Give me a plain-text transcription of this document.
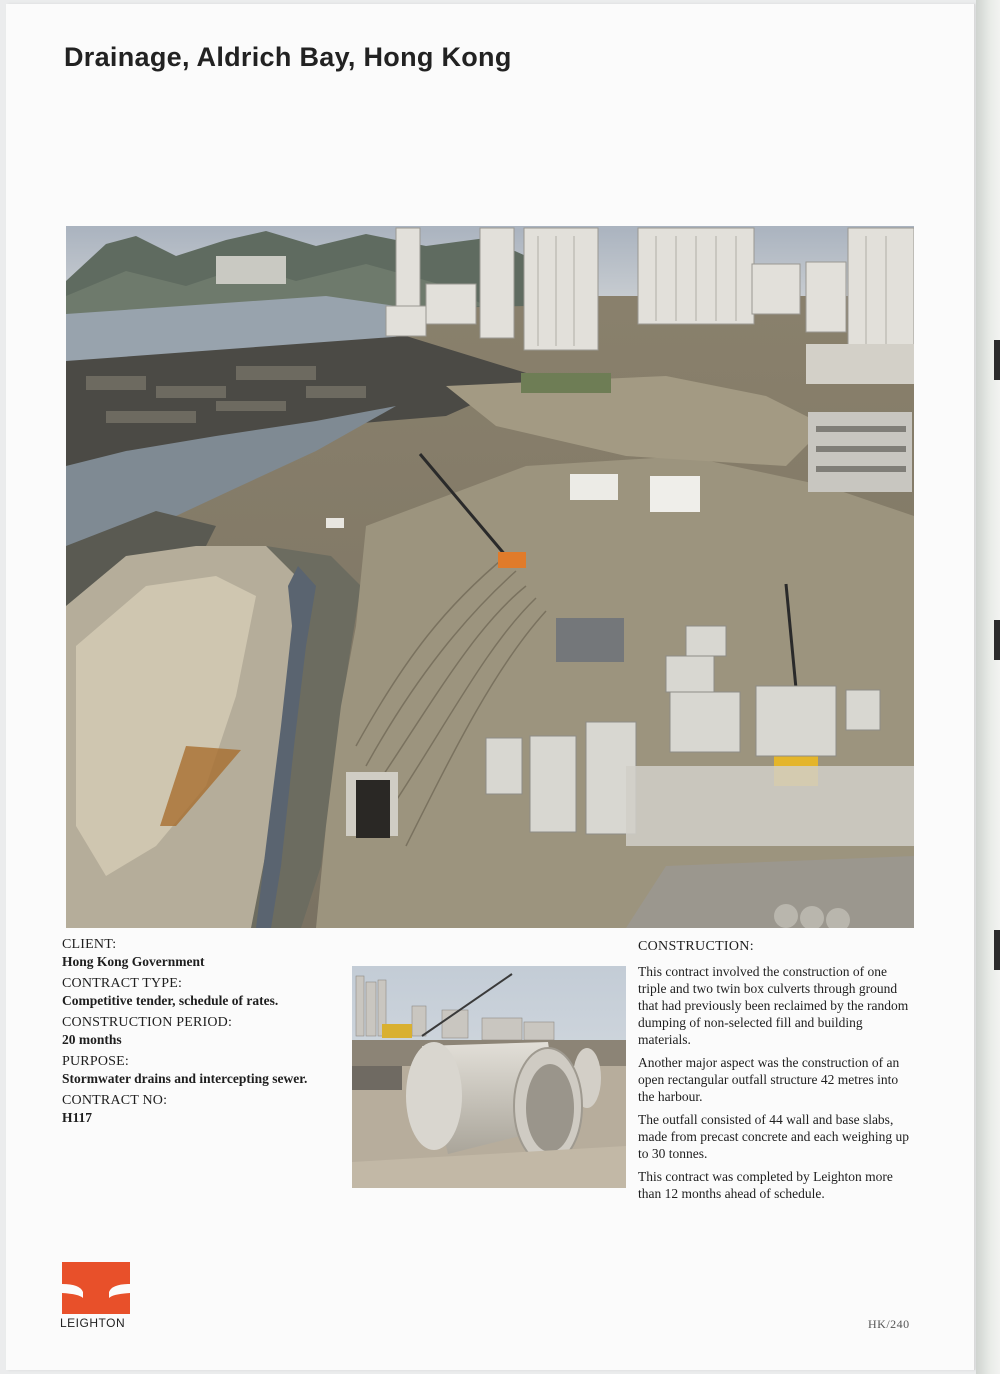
Drainage, Aldrich Bay, Hong Kong
CLIENT:
Hong Kong Government
CONTRACT TYPE:
Competitive tender, schedule of rates.
CONSTRUCTION PERIOD:
20 months
PURPOSE:
Stormwater drains and intercepting sewer.
CONTRACT NO:
H117
CONSTRUCTION:

This contract involved the construction of one triple and two twin box culverts through ground that had previously been reclaimed by the random dumping of non-selected fill and building materials.

Another major aspect was the construction of an open rectangular outfall structure 42 metres into the harbour.

The outfall consisted of 44 wall and base slabs, made from precast concrete and each weighing up to 30 tonnes.

This contract was completed by Leighton more than 12 months ahead of schedule.

LEIGHTON	HK/240
